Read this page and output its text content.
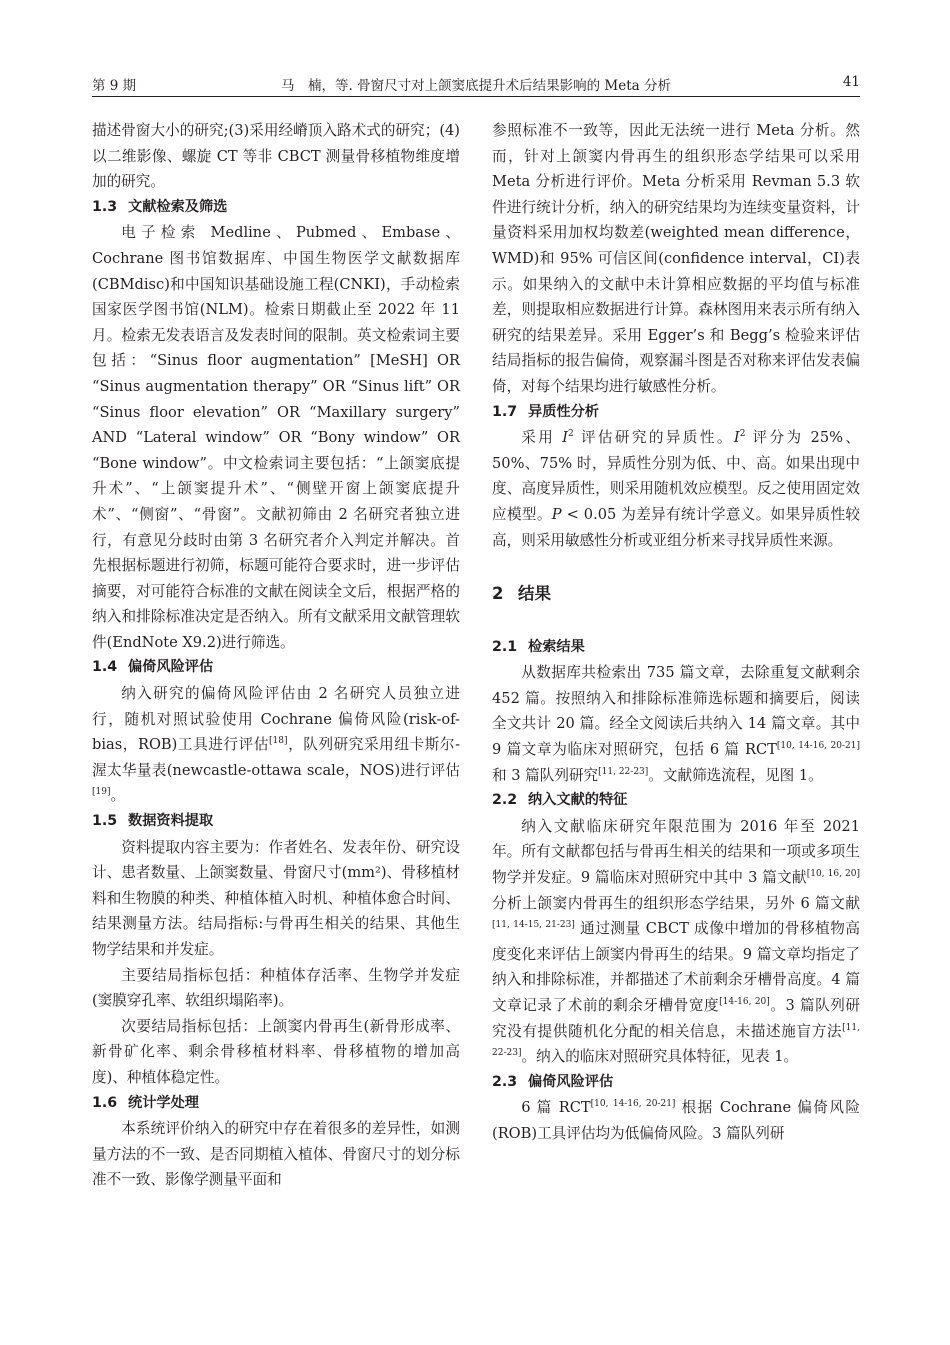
第 9 期	马　楠，等. 骨窗尺寸对上颌窦底提升术后结果影响的 Meta 分析	41

描述骨窗大小的研究;(3)采用经嵴顶入路术式的研究；(4)以二维影像、螺旋 CT 等非 CBCT 测量骨移植物维度增加的研究。

1.3 文献检索及筛选

电子检索 Medline、Pubmed、Embase、Cochrane 图书馆数据库、中国生物医学文献数据库(CBMdisc)和中国知识基础设施工程(CNKI)，手动检索国家医学图书馆(NLM)。检索日期截止至 2022 年 11 月。检索无发表语言及发表时间的限制。英文检索词主要包括：“Sinus floor augmentation” [MeSH] OR “Sinus augmentation therapy” OR “Sinus lift” OR “Sinus floor elevation” OR “Maxillary surgery” AND “Lateral window” OR “Bony window” OR “Bone window”。中文检索词主要包括：“上颌窦底提升术”、“上颌窦提升术”、“侧壁开窗上颌窦底提升术”、“侧窗”、“骨窗”。文献初筛由 2 名研究者独立进行，有意见分歧时由第 3 名研究者介入判定并解决。首先根据标题进行初筛，标题可能符合要求时，进一步评估摘要，对可能符合标准的文献在阅读全文后，根据严格的纳入和排除标准决定是否纳入。所有文献采用文献管理软件(EndNote X9.2)进行筛选。

1.4 偏倚风险评估

纳入研究的偏倚风险评估由 2 名研究人员独立进行，随机对照试验使用 Cochrane 偏倚风险(risk-of-bias，ROB)工具进行评估[18]，队列研究采用纽卡斯尔-渥太华量表(newcastle-ottawa scale，NOS)进行评估[19]。

1.5 数据资料提取

资料提取内容主要为：作者姓名、发表年份、研究设计、患者数量、上颌窦数量、骨窗尺寸(mm²)、骨移植材料和生物膜的种类、种植体植入时机、种植体愈合时间、结果测量方法。结局指标:与骨再生相关的结果、其他生物学结果和并发症。

主要结局指标包括：种植体存活率、生物学并发症(窦膜穿孔率、软组织塌陷率)。

次要结局指标包括：上颌窦内骨再生(新骨形成率、新骨矿化率、剩余骨移植材料率、骨移植物的增加高度)、种植体稳定性。

1.6 统计学处理

本系统评价纳入的研究中存在着很多的差异性，如测量方法的不一致、是否同期植入植体、骨窗尺寸的划分标准不一致、影像学测量平面和

参照标准不一致等，因此无法统一进行 Meta 分析。然而，针对上颌窦内骨再生的组织形态学结果可以采用 Meta 分析进行评价。Meta 分析采用 Revman 5.3 软件进行统计分析，纳入的研究结果均为连续变量资料，计量资料采用加权均数差(weighted mean difference，WMD)和 95% 可信区间(confidence interval，CI)表示。如果纳入的文献中未计算相应数据的平均值与标准差，则提取相应数据进行计算。森林图用来表示所有纳入研究的结果差异。采用 Egger’s 和 Begg’s 检验来评估结局指标的报告偏倚，观察漏斗图是否对称来评估发表偏倚，对每个结果均进行敏感性分析。

1.7 异质性分析

采用 $I^2$ 评估研究的异质性。$I^2$ 评分为 25%、50%、75% 时，异质性分别为低、中、高。如果出现中度、高度异质性，则采用随机效应模型。反之使用固定效应模型。P < 0.05 为差异有统计学意义。如果异质性较高，则采用敏感性分析或亚组分析来寻找异质性来源。

2 结果
2.1 检索结果

从数据库共检索出 735 篇文章，去除重复文献剩余 452 篇。按照纳入和排除标准筛选标题和摘要后，阅读全文共计 20 篇。经全文阅读后共纳入 14 篇文章。其中 9 篇文章为临床对照研究，包括 6 篇 RCT[10, 14-16, 20-21] 和 3 篇队列研究[11, 22-23]。文献筛选流程，见图 1。

2.2 纳入文献的特征

纳入文献临床研究年限范围为 2016 年至 2021 年。所有文献都包括与骨再生相关的结果和一项或多项生物学并发症。9 篇临床对照研究中其中 3 篇文献[10, 16, 20] 分析上颌窦内骨再生的组织形态学结果，另外 6 篇文献[11, 14-15, 21-23] 通过测量 CBCT 成像中增加的骨移植物高度变化来评估上颌窦内骨再生的结果。9 篇文章均指定了纳入和排除标准，并都描述了术前剩余牙槽骨高度。4 篇文章记录了术前的剩余牙槽骨宽度[14-16, 20]。3 篇队列研究没有提供随机化分配的相关信息，未描述施盲方法[11, 22-23]。纳入的临床对照研究具体特征，见表 1。

2.3 偏倚风险评估

6 篇 RCT[10, 14-16, 20-21] 根据 Cochrane 偏倚风险(ROB)工具评估均为低偏倚风险。3 篇队列研
